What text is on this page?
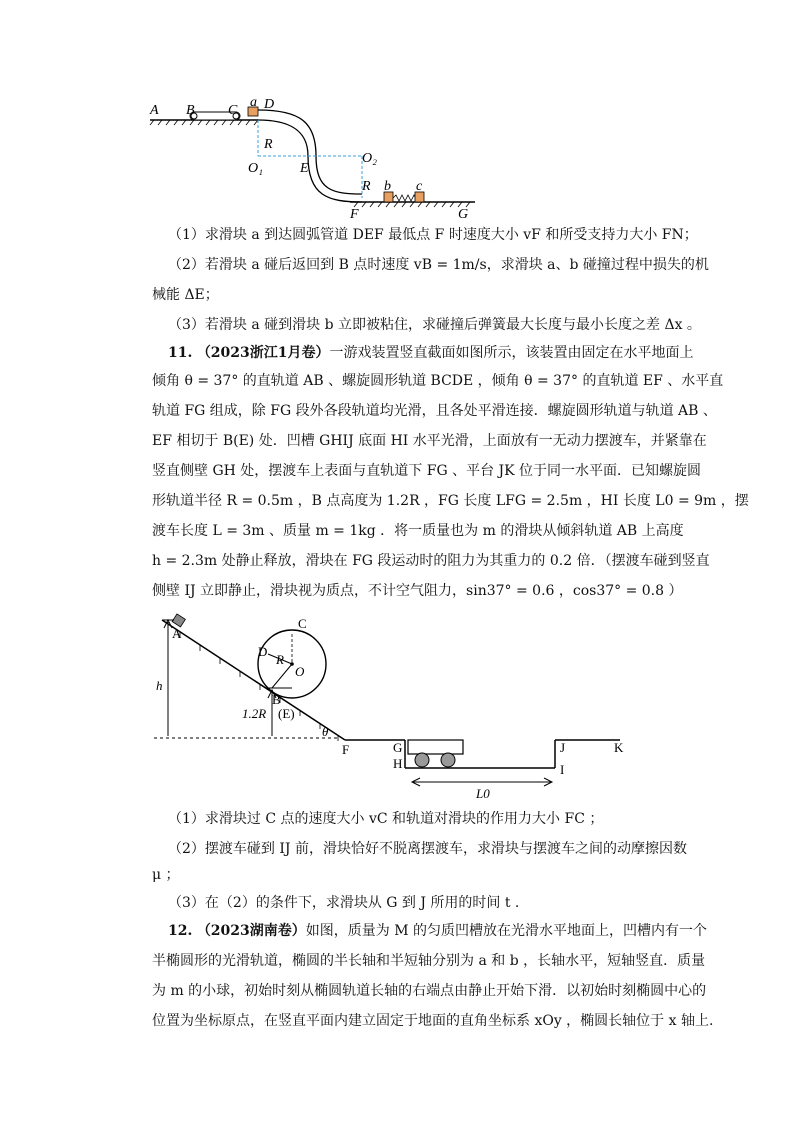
A B C
a D
R
O₁	E
O₂
R b c
F	G
（1）求滑块 a 到达圆弧管道 DEF 最低点 F 时速度大小 vF 和所受支持力大小 FN；
（2）若滑块 a 碰后返回到 B 点时速度 vB = 1m/s，求滑块 a、b 碰撞过程中损失的机
械能 ΔE；
（3）若滑块 a 碰到滑块 b 立即被粘住，求碰撞后弹簧最大长度与最小长度之差 Δx 。
11. （2023浙江1月卷）一游戏装置竖直截面如图所示，该装置由固定在水平地面上
倾角 θ = 37° 的直轨道 AB 、螺旋圆形轨道 BCDE ，倾角 θ = 37° 的直轨道 EF 、水平直
轨道 FG 组成，除 FG 段外各段轨道均光滑，且各处平滑连接．螺旋圆形轨道与轨道 AB 、
EF 相切于 B(E) 处．凹槽 GHIJ 底面 HI 水平光滑，上面放有一无动力摆渡车，并紧靠在
竖直侧壁 GH 处，摆渡车上表面与直轨道下 FG 、平台 JK 位于同一水平面．已知螺旋圆
形轨道半径 R = 0.5m ，B 点高度为 1.2R ，FG 长度 LFG = 2.5m ，HI 长度 L0 = 9m ，摆
渡车长度 L = 3m 、质量 m = 1kg ．将一质量也为 m 的滑块从倾斜轨道 AB 上高度
h = 2.3m 处静止释放，滑块在 FG 段运动时的阻力为其重力的 0.2 倍．（摆渡车碰到竖直
侧壁 IJ 立即静止，滑块视为质点，不计空气阻力，sin37° = 0.6 ，cos37° = 0.8 ）
A
C
D
R
O
h
B
1.2R (E)
θ
F	G
H
J	K
I
L0
（1）求滑块过 C 点的速度大小 vC 和轨道对滑块的作用力大小 FC ；
（2）摆渡车碰到 IJ 前，滑块恰好不脱离摆渡车，求滑块与摆渡车之间的动摩擦因数
μ ；
（3）在（2）的条件下，求滑块从 G 到 J 所用的时间 t .
12. （2023湖南卷）如图，质量为 M 的匀质凹槽放在光滑水平地面上，凹槽内有一个
半椭圆形的光滑轨道，椭圆的半长轴和半短轴分别为 a 和 b ，长轴水平，短轴竖直．质量
为 m 的小球，初始时刻从椭圆轨道长轴的右端点由静止开始下滑．以初始时刻椭圆中心的
位置为坐标原点，在竖直平面内建立固定于地面的直角坐标系 xOy ，椭圆长轴位于 x 轴上.
